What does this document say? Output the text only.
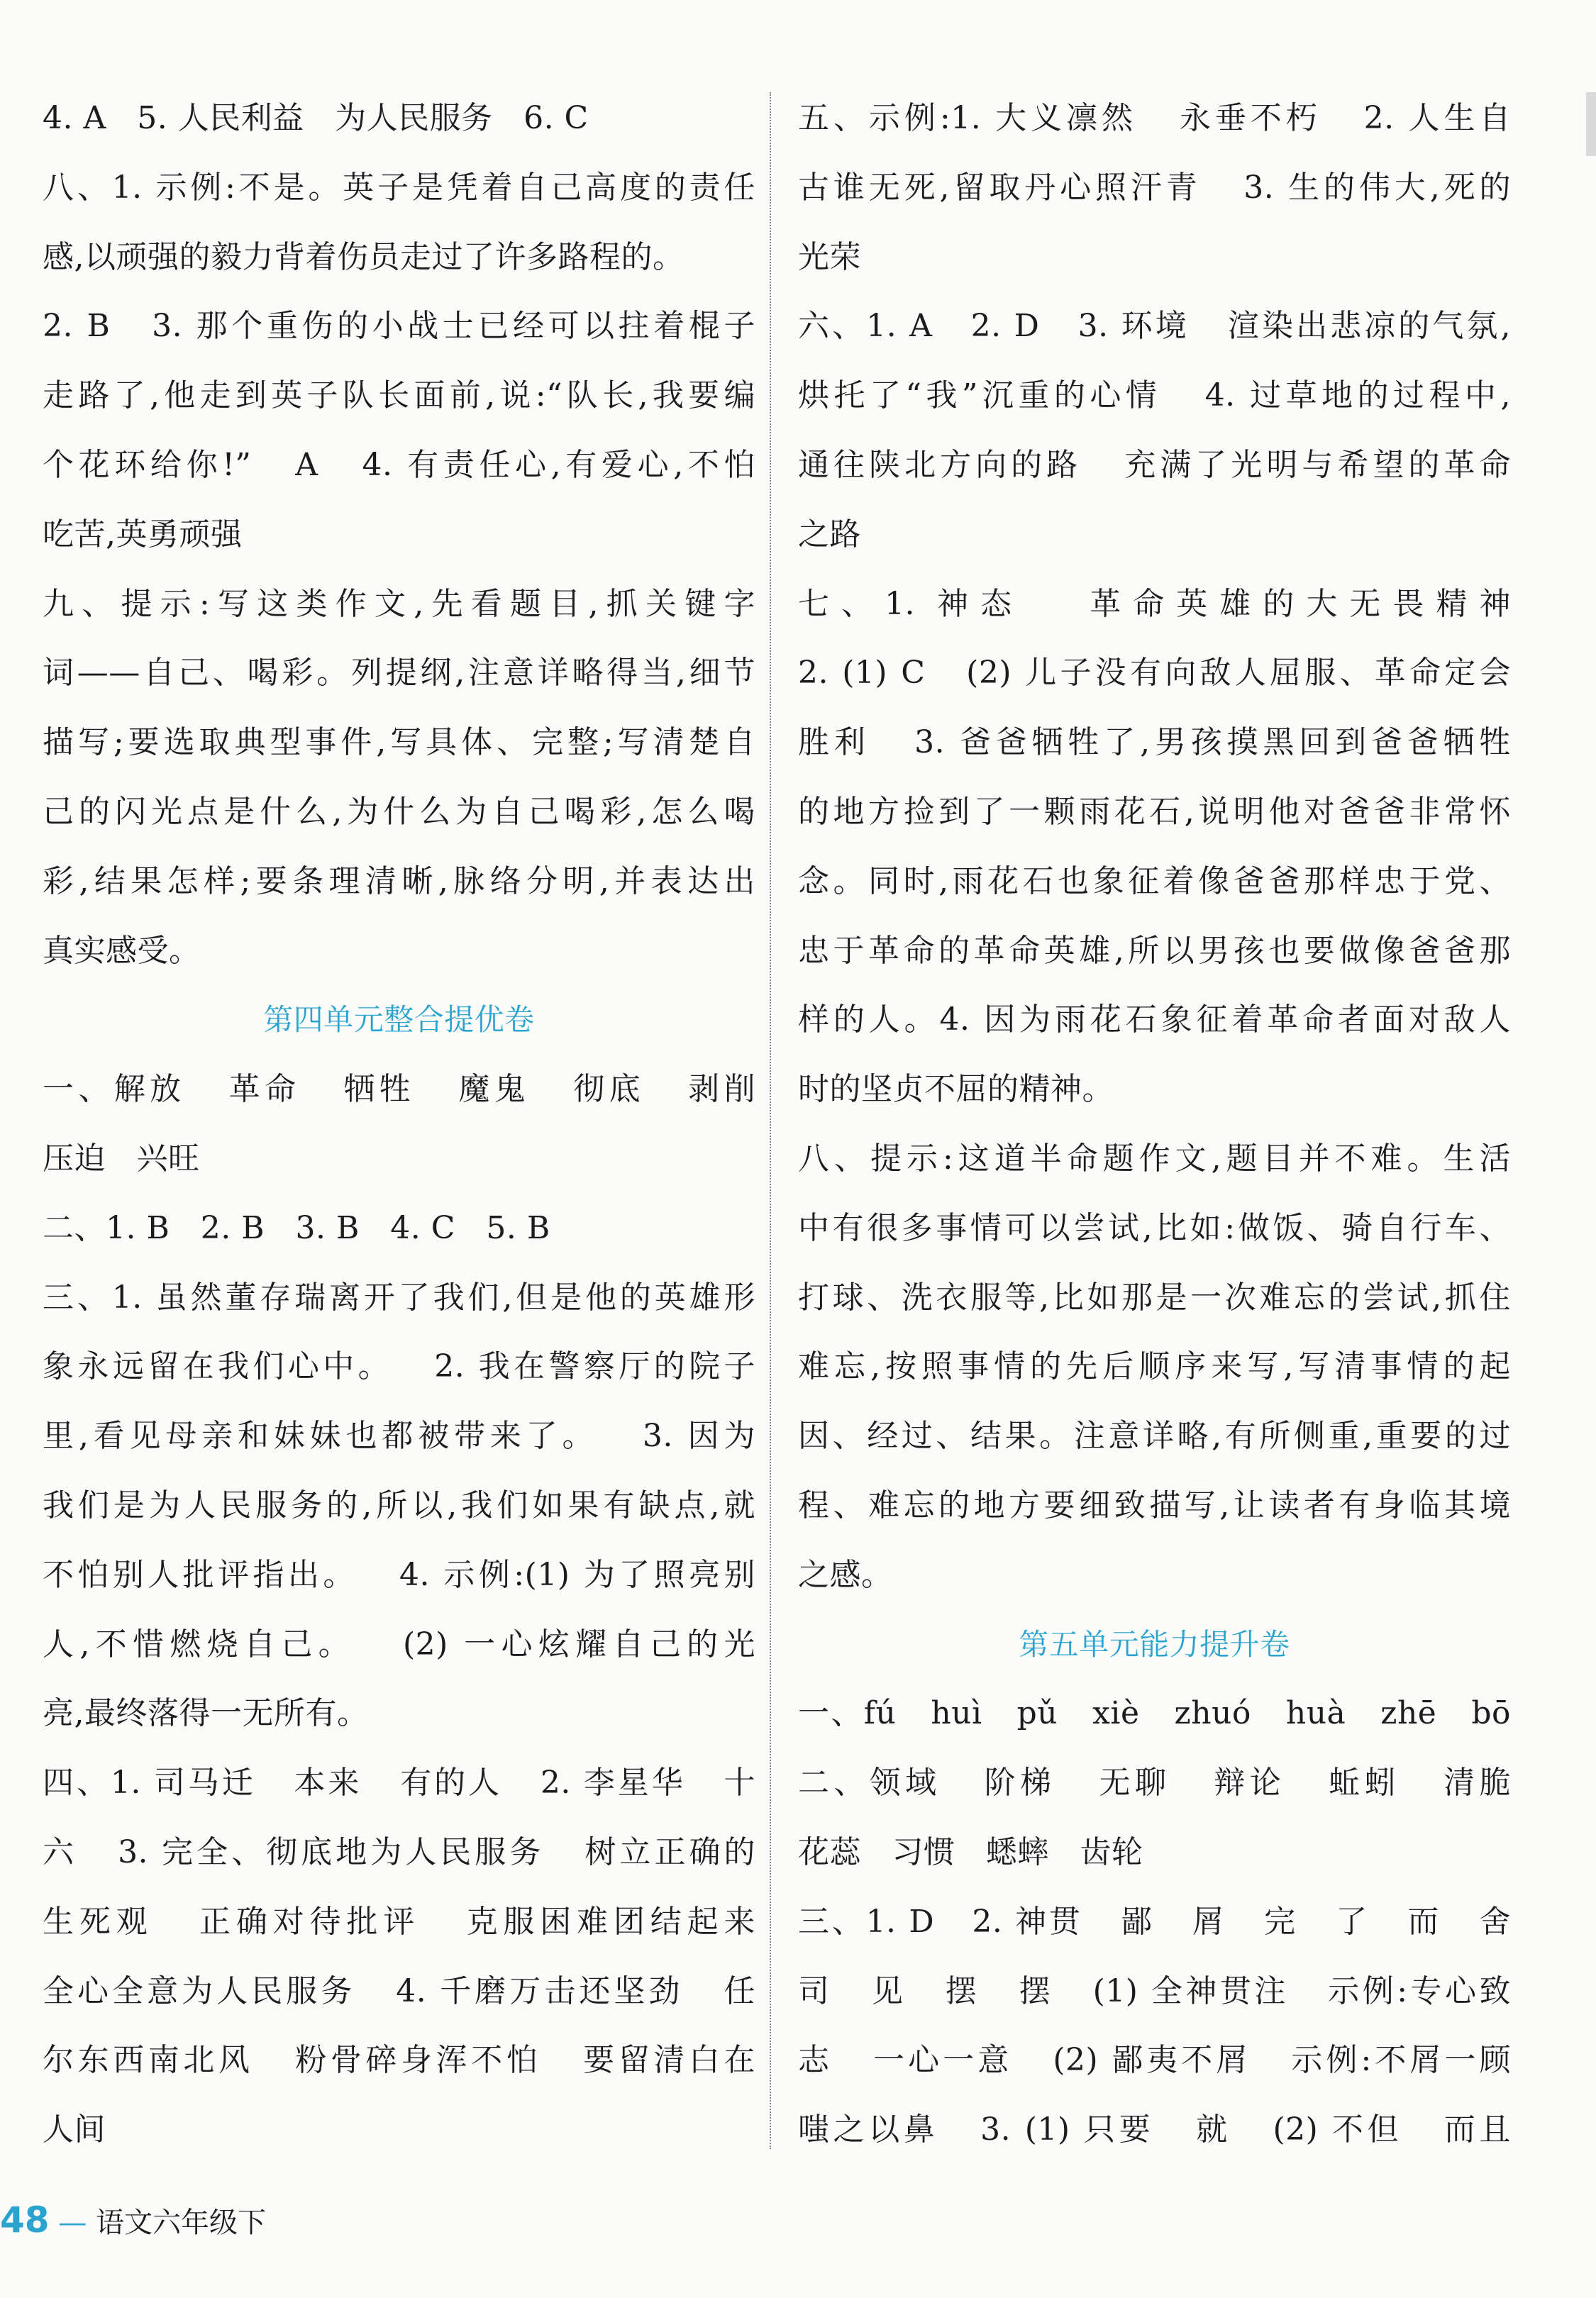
4. A   5. 人民利益   为人民服务   6. C
八、1. 示例:不是。英子是凭着自己高度的责任
感,以顽强的毅力背着伤员走过了许多路程的。
2. B   3. 那个重伤的小战士已经可以拄着棍子
走路了,他走到英子队长面前,说:“队长,我要编
个花环给你!”   A   4. 有责任心,有爱心,不怕
吃苦,英勇顽强
九、提示:写这类作文,先看题目,抓关键字
词——自己、喝彩。列提纲,注意详略得当,细节
描写;要选取典型事件,写具体、完整;写清楚自
己的闪光点是什么,为什么为自己喝彩,怎么喝
彩,结果怎样;要条理清晰,脉络分明,并表达出
真实感受。
第四单元整合提优卷
一、解放   革命   牺牲   魔鬼   彻底   剥削
压迫   兴旺
二、1. B   2. B   3. B   4. C   5. B
三、1. 虽然董存瑞离开了我们,但是他的英雄形
象永远留在我们心中。   2. 我在警察厅的院子
里,看见母亲和妹妹也都被带来了。   3. 因为
我们是为人民服务的,所以,我们如果有缺点,就
不怕别人批评指出。   4. 示例:(1) 为了照亮别
人,不惜燃烧自己。   (2) 一心炫耀自己的光
亮,最终落得一无所有。
四、1. 司马迁   本来   有的人   2. 李星华   十
六   3. 完全、彻底地为人民服务   树立正确的
生死观   正确对待批评   克服困难团结起来
全心全意为人民服务   4. 千磨万击还坚劲   任
尔东西南北风   粉骨碎身浑不怕   要留清白在
人间
五、示例:1. 大义凛然   永垂不朽   2. 人生自
古谁无死,留取丹心照汗青   3. 生的伟大,死的
光荣
六、1. A   2. D   3. 环境   渲染出悲凉的气氛,
烘托了“我”沉重的心情   4. 过草地的过程中,
通往陕北方向的路   充满了光明与希望的革命
之路
七、1. 神态   革命英雄的大无畏精神
2. (1) C   (2) 儿子没有向敌人屈服、革命定会
胜利   3. 爸爸牺牲了,男孩摸黑回到爸爸牺牲
的地方捡到了一颗雨花石,说明他对爸爸非常怀
念。同时,雨花石也象征着像爸爸那样忠于党、
忠于革命的革命英雄,所以男孩也要做像爸爸那
样的人。4. 因为雨花石象征着革命者面对敌人
时的坚贞不屈的精神。
八、提示:这道半命题作文,题目并不难。生活
中有很多事情可以尝试,比如:做饭、骑自行车、
打球、洗衣服等,比如那是一次难忘的尝试,抓住
难忘,按照事情的先后顺序来写,写清事情的起
因、经过、结果。注意详略,有所侧重,重要的过
程、难忘的地方要细致描写,让读者有身临其境
之感。
第五单元能力提升卷
一、fú   huì   pǔ   xiè   zhuó   huà   zhē   bō
二、领域   阶梯   无聊   辩论   蚯蚓   清脆
花蕊   习惯   蟋蟀   齿轮
三、1. D   2. 神贯   鄙   屑   完   了   而   舍
司   见   摆   摆   (1) 全神贯注   示例:专心致
志   一心一意   (2) 鄙夷不屑   示例:不屑一顾
嗤之以鼻   3. (1) 只要   就   (2) 不但   而且
48 — 语文六年级下
